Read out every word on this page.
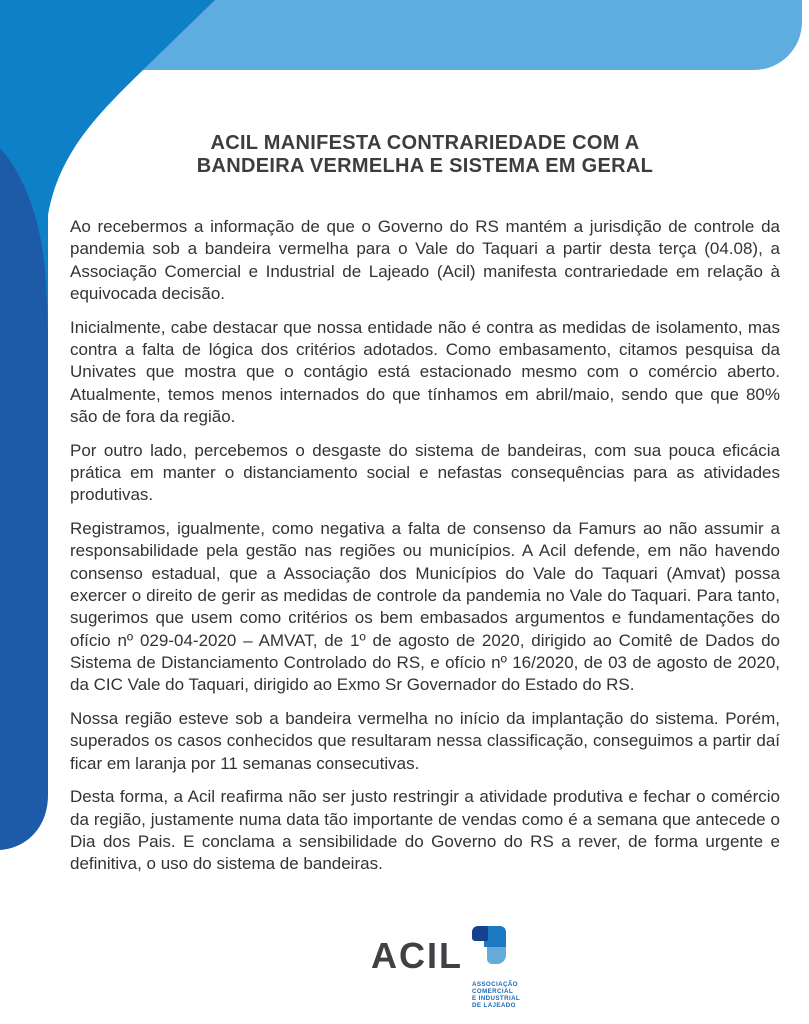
ACIL MANIFESTA CONTRARIEDADE COM A
BANDEIRA VERMELHA E SISTEMA EM GERAL

Ao recebermos a informação de que o Governo do RS mantém a jurisdição de controle da pandemia sob a bandeira vermelha para o Vale do Taquari a partir desta terça (04.08), a Associação Comercial e Industrial de Lajeado (Acil) manifesta contrariedade em relação à equivocada decisão.

Inicialmente, cabe destacar que nossa entidade não é contra as medidas de isolamento, mas contra a falta de lógica dos critérios adotados. Como embasamento, citamos pesquisa da Univates que mostra que o contágio está estacionado mesmo com o comércio aberto. Atualmente, temos menos internados do que tínhamos em abril/maio, sendo que que 80% são de fora da região.

Por outro lado, percebemos o desgaste do sistema de bandeiras, com sua pouca eficácia prática em manter o distanciamento social e nefastas consequências para as atividades produtivas.

Registramos, igualmente, como negativa a falta de consenso da Famurs ao não assumir a responsabilidade pela gestão nas regiões ou municípios. A Acil defende, em não havendo consenso estadual, que a Associação dos Municípios do Vale do Taquari (Amvat) possa exercer o direito de gerir as medidas de controle da pandemia no Vale do Taquari. Para tanto, sugerimos que usem como critérios os bem embasados argumentos e fundamentações do ofício nº 029-04-2020 – AMVAT, de 1º de agosto de 2020, dirigido ao Comitê de Dados do Sistema de Distanciamento Controlado do RS, e ofício nº 16/2020, de 03 de agosto de 2020, da CIC Vale do Taquari, dirigido ao Exmo Sr Governador do Estado do RS.

Nossa região esteve sob a bandeira vermelha no início da implantação do sistema. Porém, superados os casos conhecidos que resultaram nessa classificação, conseguimos a partir daí ficar em laranja por 11 semanas consecutivas.

Desta forma, a Acil reafirma não ser justo restringir a atividade produtiva e fechar o comércio da região, justamente numa data tão importante de vendas como é a semana que antecede o Dia dos Pais. E conclama a sensibilidade do Governo do RS a rever, de forma urgente e definitiva, o uso do sistema de bandeiras.

ACIL
ASSOCIAÇÃO
COMERCIAL
E INDUSTRIAL
DE LAJEADO
